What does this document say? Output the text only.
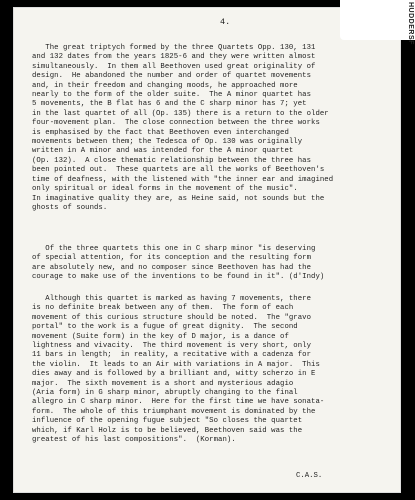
4.

The great triptych formed by the three Quartets Opp. 130, 131
and 132 dates from the years 1825-6 and they were written almost
simultaneously.  In them all Beethoven used great originality of
design.  He abandoned the number and order of quartet movements
and, in their freedom and changing moods, he approached more
nearly to the form of the older suite.  The A minor quartet has
5 movements, the B flat has 6 and the C sharp minor has 7; yet
in the last quartet of all (Op. 135) there is a return to the older
four-movement plan.  The close connection between the three works
is emphasised by the fact that Beethoven even interchanged
movements between them; the Tedesca of Op. 130 was originally
written in A minor and was intended for the A minor quartet
(Op. 132).  A close thematic relationship between the three has
been pointed out.  These quartets are all the works of Beethoven's
time of deafness, with the listened with "the inner ear and imagined
only spiritual or ideal forms in the movement of the music".
In imaginative quality they are, as Heine said, not sounds but the
ghosts of sounds.

Of the three quartets this one in C sharp minor "is deserving
of special attention, for its conception and the resulting form
are absolutely new, and no composer since Beethoven has had the
courage to make use of the inventions to be found in it". (d'Indy)

Although this quartet is marked as having 7 movements, there
is no definite break between any of them.  The form of each
movement of this curious structure should be noted.  The "gravo
portal" to the work is a fugue of great dignity.  The second
movement (Suite form) in the key of D major, is a dance of
lightness and vivacity.  The third movement is very short, only
11 bars in length;  in reality, a recitative with a cadenza for
the violin.  It leads to an Air with variations in A major.  This
dies away and is followed by a brilliant and, witty scherzo in E
major.  The sixth movement is a short and mysterious adagio
(Aria form) in G sharp minor, abruptly changing to the final
allegro in C sharp minor.  Here for the first time we have sonata-
form.  The whole of this triumphant movement is dominated by the
influence of the opening fugue subject "So closes the quartet
which, if Karl Holz is to be believed, Beethoven said was the
greatest of his last compositions".  (Korman).

C.A.S.
HUDDERSF
